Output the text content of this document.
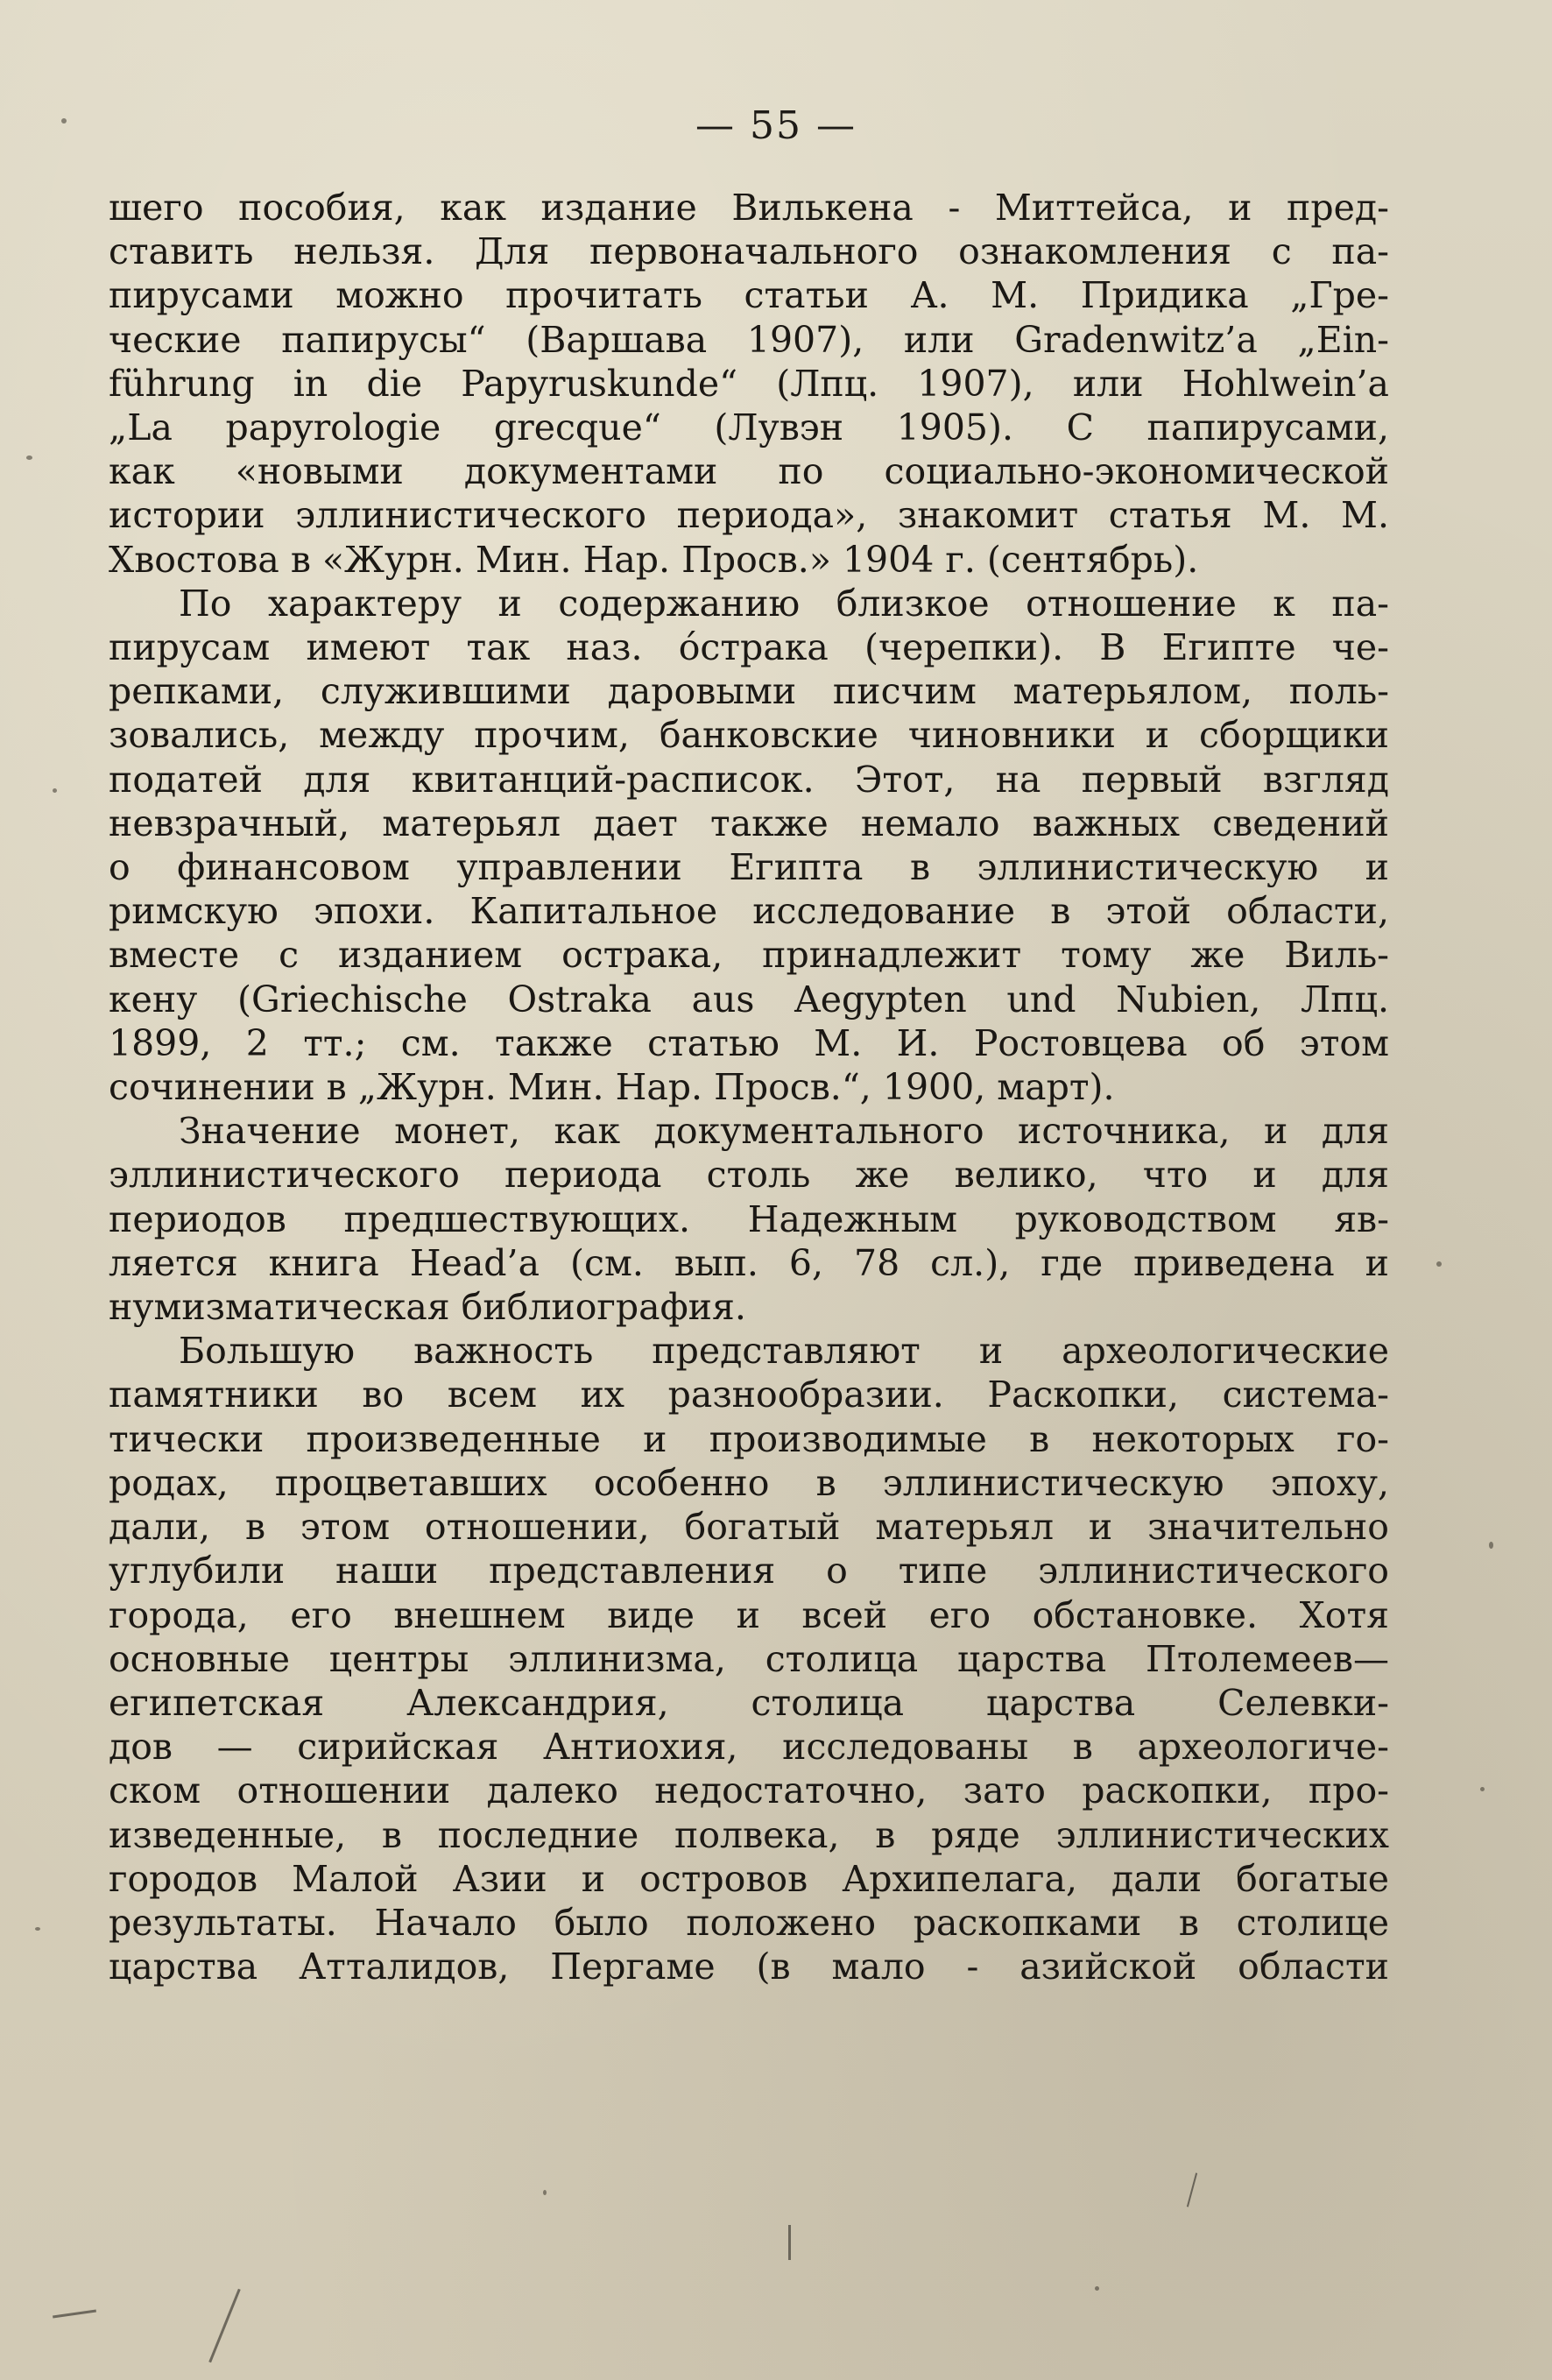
— 55 —
шего пособия, как издание Вилькена - Миттейса, и пред-
ставить нельзя. Для первоначального ознакомления с па-
пирусами можно прочитать статьи А. М. Придика „Гре-
ческие папирусы“ (Варшава 1907), или Gradenwitz’a „Ein-
führung in die Papyruskunde“ (Лпц. 1907), или Hohlwein’a
„La papyrologie grecque“ (Лувэн 1905). С папирусами,
как «новыми документами по социально-экономической
истории эллинистического периода», знакомит статья М. М.
Хвостова в «Журн. Мин. Нар. Просв.» 1904 г. (сентябрь).
По характеру и содержанию близкое отношение к па-
пирусам имеют так наз. óстрака (черепки). В Египте че-
репками, служившими даровыми писчим матерьялом, поль-
зовались, между прочим, банковские чиновники и сборщики
податей для квитанций-расписок. Этот, на первый взгляд
невзрачный, матерьял дает также немало важных сведений
о финансовом управлении Египта в эллинистическую и
римскую эпохи. Капитальное исследование в этой области,
вместе с изданием острака, принадлежит тому же Виль-
кену (Griechische Ostraka aus Aegypten und Nubien, Лпц.
1899, 2 тт.; см. также статью М. И. Ростовцева об этом
сочинении в „Журн. Мин. Нар. Просв.“, 1900, март).
Значение монет, как документального источника, и для
эллинистического периода столь же велико, что и для
периодов предшествующих. Надежным руководством яв-
ляется книга Head’a (см. вып. 6, 78 сл.), где приведена и
нумизматическая библиография.
Большую важность представляют и археологические
памятники во всем их разнообразии. Раскопки, система-
тически произведенные и производимые в некоторых го-
родах, процветавших особенно в эллинистическую эпоху,
дали, в этом отношении, богатый матерьял и значительно
углубили наши представления о типе эллинистического
города, его внешнем виде и всей его обстановке. Хотя
основные центры эллинизма, столица царства Птолемеев—
египетская Александрия, столица царства Селевки-
дов — сирийская Антиохия, исследованы в археологиче-
ском отношении далеко недостаточно, зато раскопки, про-
изведенные, в последние полвека, в ряде эллинистических
городов Малой Азии и островов Архипелага, дали богатые
результаты. Начало было положено раскопками в столице
царства Атталидов, Пергаме (в мало - азийской области
